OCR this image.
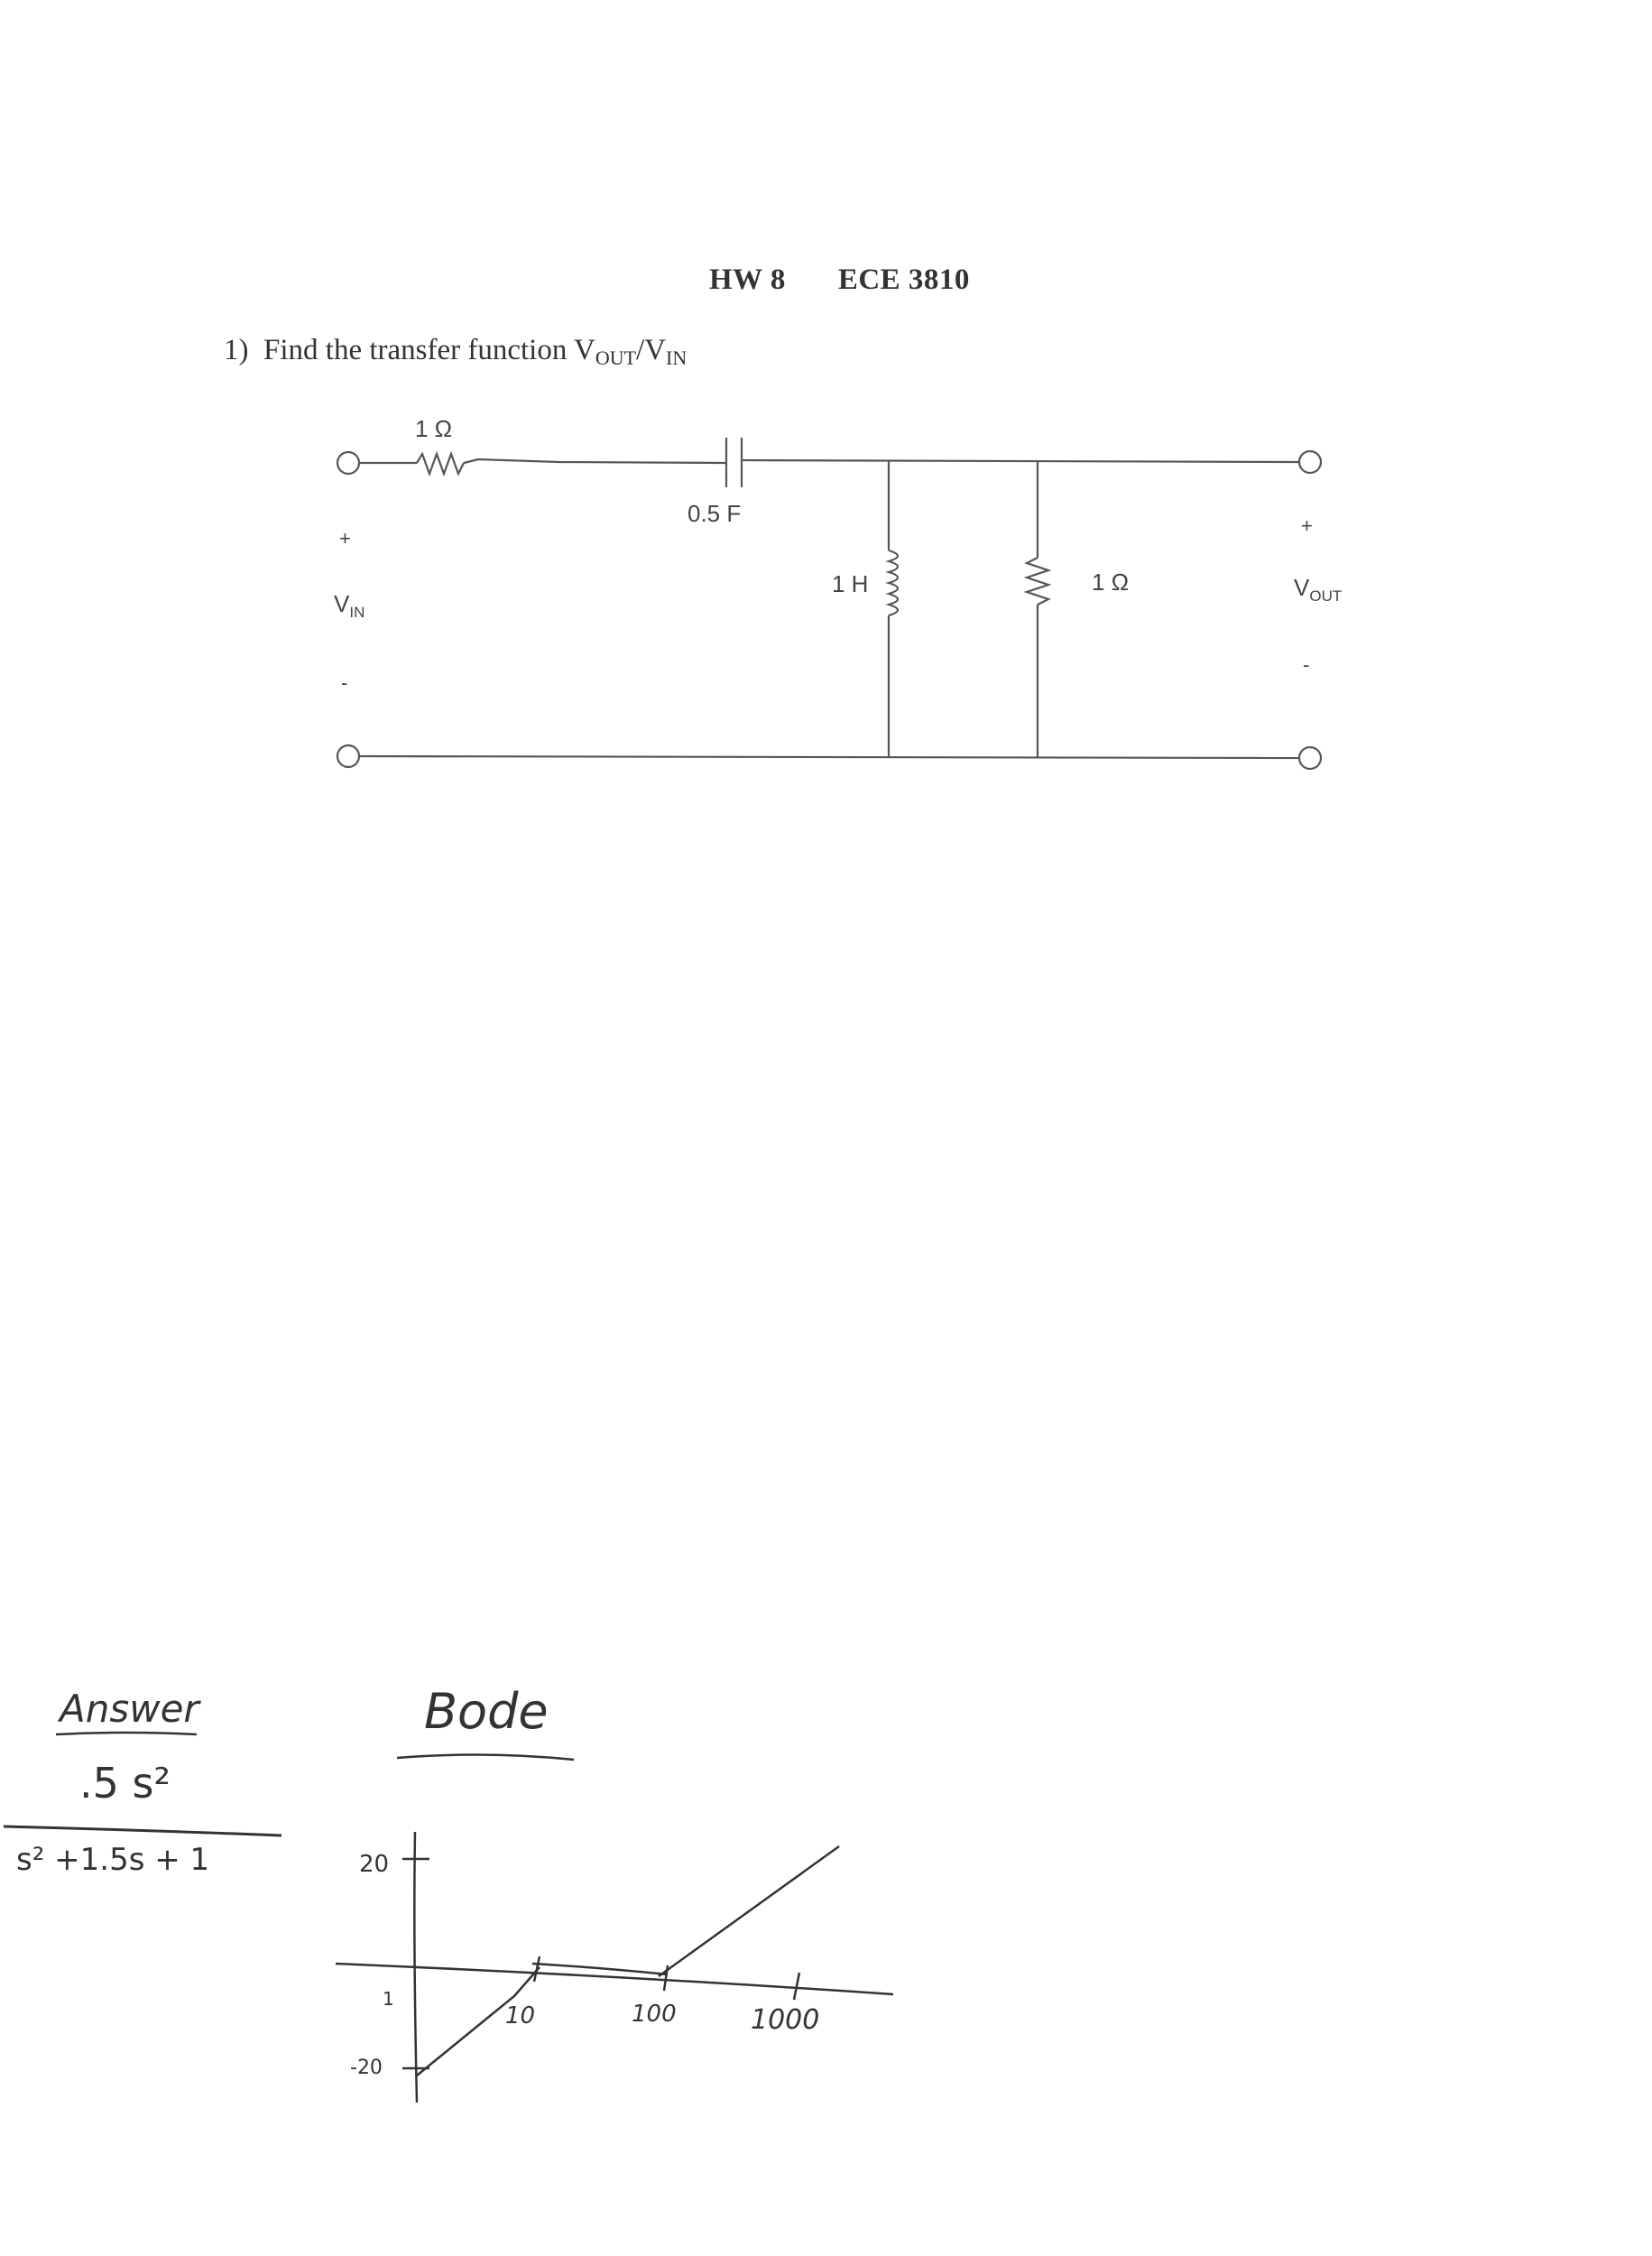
HW 8 ECE 3810
1) Find the transfer function $V_{OUT}/V_{IN}$
1 Ω
0.5 F
1 H	1 Ω
+
$V_{IN}$
-
+
$V_{OUT}$
-
Answer
.5 s²
s² +1.5s + 1
Bode
20
-20
1
10	100	1000
